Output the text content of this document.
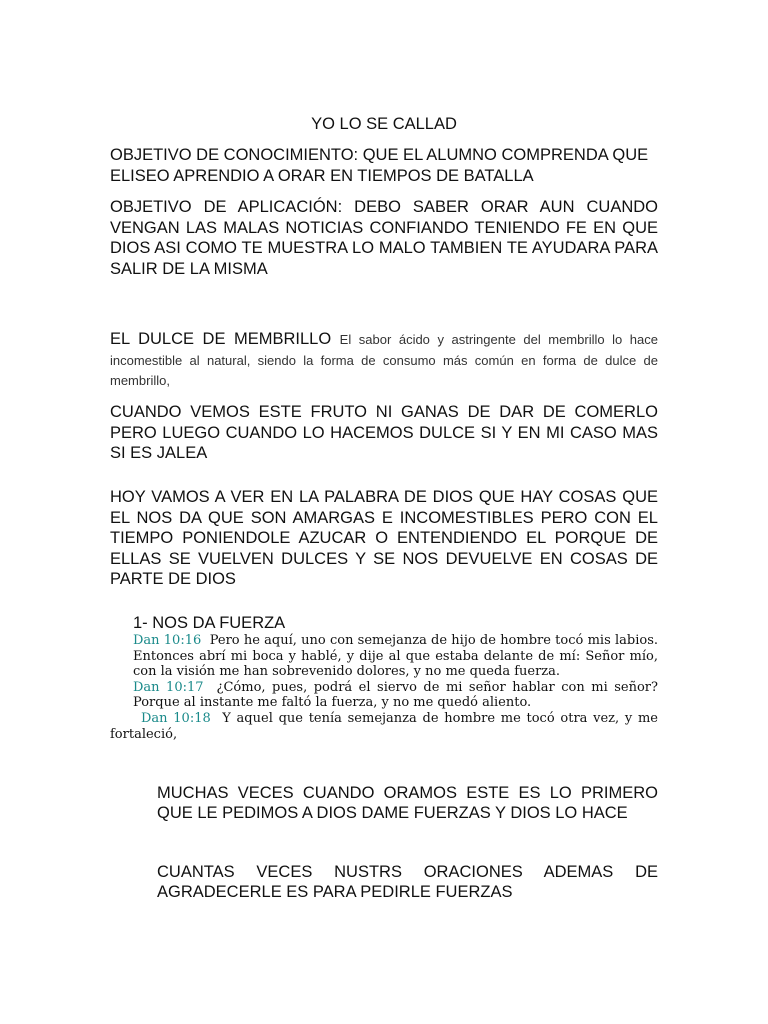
YO LO SE CALLAD
OBJETIVO DE CONOCIMIENTO: QUE EL ALUMNO COMPRENDA QUE ELISEO APRENDIO A ORAR EN TIEMPOS DE BATALLA
OBJETIVO DE APLICACIÓN: DEBO SABER ORAR AUN CUANDO VENGAN LAS MALAS NOTICIAS CONFIANDO TENIENDO FE EN QUE DIOS ASI COMO TE MUESTRA LO MALO TAMBIEN TE AYUDARA PARA SALIR DE LA MISMA
EL DULCE DE MEMBRILLO El sabor ácido y astringente del membrillo lo hace incomestible al natural, siendo la forma de consumo más común en forma de dulce de membrillo,
CUANDO VEMOS ESTE FRUTO NI GANAS DE DAR DE COMERLO PERO LUEGO CUANDO LO HACEMOS DULCE SI Y EN MI CASO MAS SI ES JALEA
HOY VAMOS A VER EN LA PALABRA DE DIOS QUE HAY COSAS QUE EL NOS DA QUE SON AMARGAS E INCOMESTIBLES PERO CON EL TIEMPO PONIENDOLE AZUCAR O ENTENDIENDO EL PORQUE DE ELLAS SE VUELVEN DULCES Y SE NOS DEVUELVE EN COSAS DE PARTE DE DIOS
1- NOS DA FUERZA

Dan 10:16 Pero he aquí, uno con semejanza de hijo de hombre tocó mis labios. Entonces abrí mi boca y hablé, y dije al que estaba delante de mí: Señor mío, con la visión me han sobrevenido dolores, y no me queda fuerza.

Dan 10:17 ¿Cómo, pues, podrá el siervo de mi señor hablar con mi señor? Porque al instante me faltó la fuerza, y no me quedó aliento.

Dan 10:18 Y aquel que tenía semejanza de hombre me tocó otra vez, y me fortaleció,

MUCHAS VECES CUANDO ORAMOS ESTE ES LO PRIMERO QUE LE PEDIMOS A DIOS DAME FUERZAS Y DIOS LO HACE
CUANTAS VECES NUSTRS ORACIONES ADEMAS DE AGRADECERLE ES PARA PEDIRLE FUERZAS
